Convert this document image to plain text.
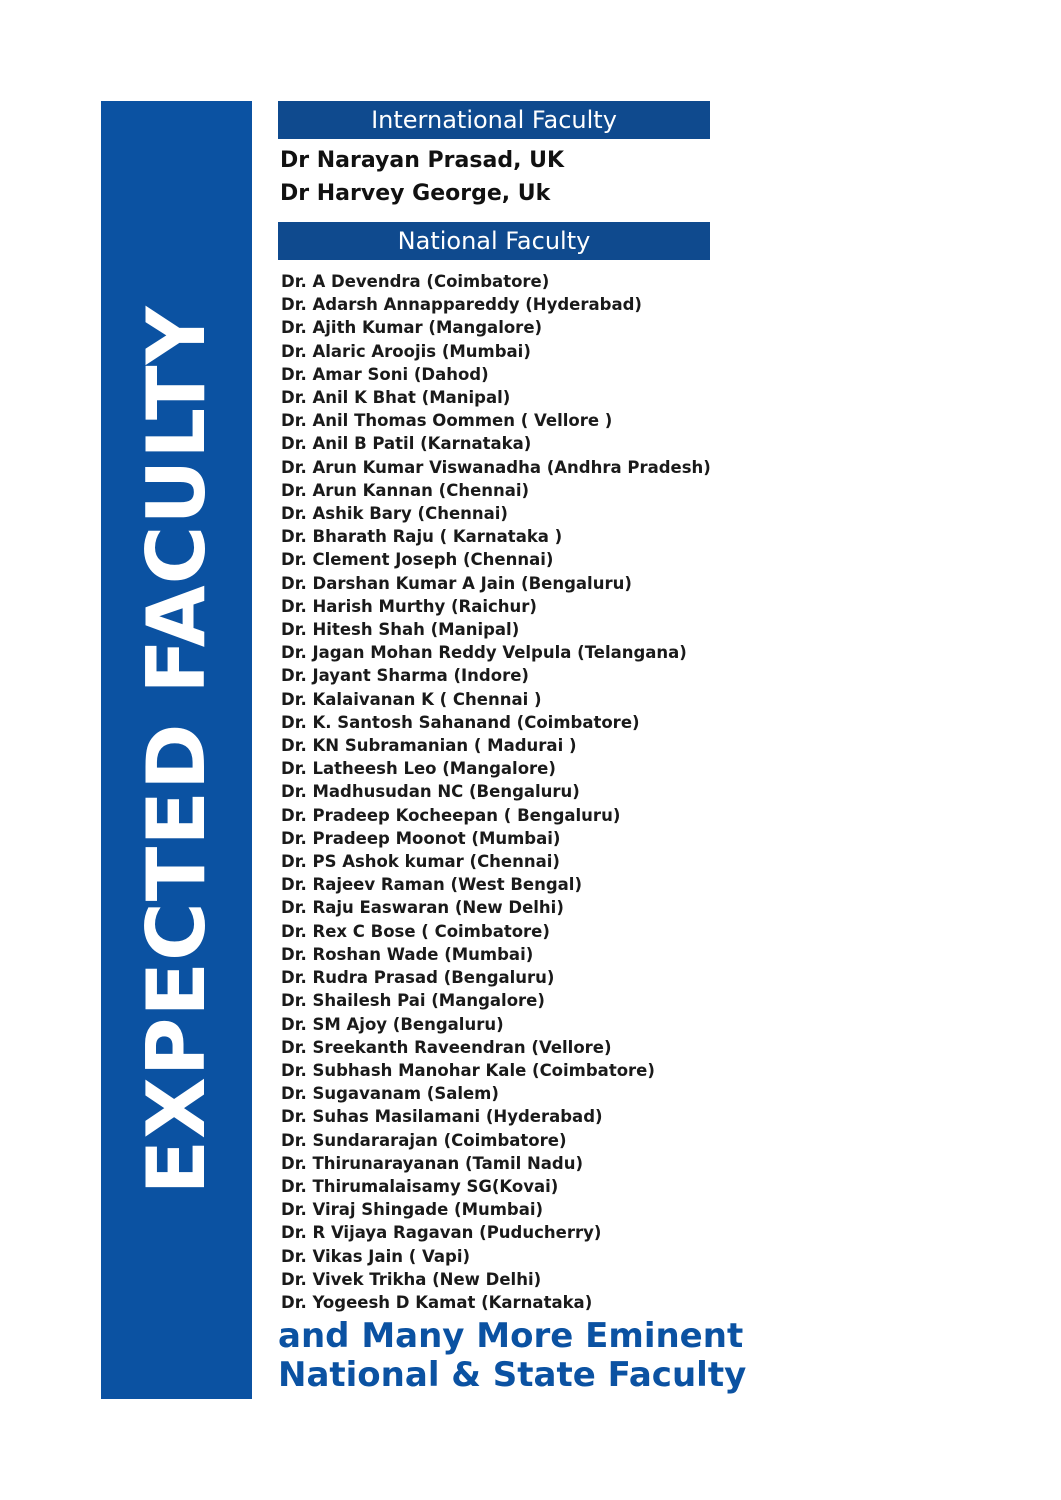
EXPECTED FACULTY
International Faculty
Dr Narayan Prasad, UK
Dr Harvey George, Uk
National Faculty
Dr. A Devendra (Coimbatore)
Dr. Adarsh Annappareddy (Hyderabad)
Dr. Ajith Kumar (Mangalore)
Dr. Alaric Aroojis (Mumbai)
Dr. Amar Soni (Dahod)
Dr. Anil K Bhat (Manipal)
Dr. Anil Thomas Oommen ( Vellore )
Dr. Anil B Patil (Karnataka)
Dr. Arun Kumar Viswanadha (Andhra Pradesh)
Dr. Arun Kannan (Chennai)
Dr. Ashik Bary (Chennai)
Dr. Bharath Raju ( Karnataka )
Dr. Clement Joseph (Chennai)
Dr. Darshan Kumar A Jain (Bengaluru)
Dr. Harish Murthy (Raichur)
Dr. Hitesh Shah (Manipal)
Dr. Jagan Mohan Reddy Velpula (Telangana)
Dr. Jayant Sharma (Indore)
Dr. Kalaivanan K ( Chennai )
Dr. K. Santosh Sahanand (Coimbatore)
Dr. KN Subramanian ( Madurai )
Dr. Latheesh Leo (Mangalore)
Dr. Madhusudan NC (Bengaluru)
Dr. Pradeep Kocheepan ( Bengaluru)
Dr. Pradeep Moonot (Mumbai)
Dr. PS Ashok kumar (Chennai)
Dr. Rajeev Raman (West Bengal)
Dr. Raju Easwaran (New Delhi)
Dr. Rex C Bose ( Coimbatore)
Dr. Roshan Wade (Mumbai)
Dr. Rudra Prasad (Bengaluru)
Dr. Shailesh Pai (Mangalore)
Dr. SM Ajoy (Bengaluru)
Dr. Sreekanth Raveendran (Vellore)
Dr. Subhash Manohar Kale (Coimbatore)
Dr. Sugavanam (Salem)
Dr. Suhas Masilamani (Hyderabad)
Dr. Sundararajan (Coimbatore)
Dr. Thirunarayanan (Tamil Nadu)
Dr. Thirumalaisamy SG(Kovai)
Dr. Viraj Shingade (Mumbai)
Dr. R Vijaya Ragavan (Puducherry)
Dr. Vikas Jain ( Vapi)
Dr. Vivek Trikha (New Delhi)
Dr. Yogeesh D Kamat (Karnataka)
and Many More Eminent National & State Faculty
